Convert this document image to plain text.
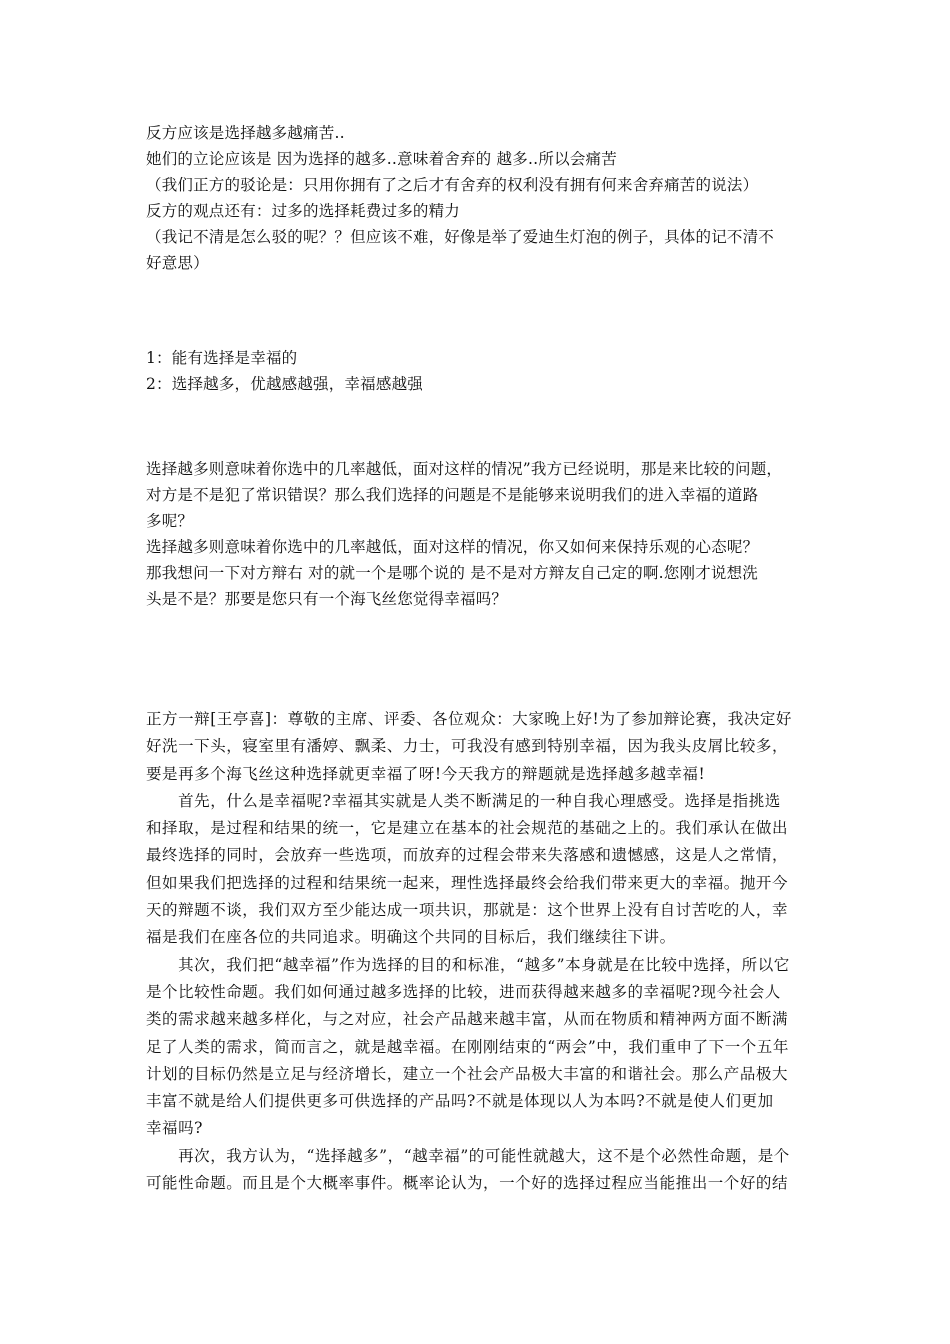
反方应该是选择越多越痛苦‥
她们的立论应该是 因为选择的越多‥意味着舍弃的 越多‥所以会痛苦
（我们正方的驳论是：只用你拥有了之后才有舍弃的权利没有拥有何来舍弃痛苦的说法）
反方的观点还有：过多的选择耗费过多的精力
（我记不清是怎么驳的呢？？但应该不难，好像是举了爱迪生灯泡的例子，具体的记不清不
好意思）
1：能有选择是幸福的
2：选择越多，优越感越强，幸福感越强
选择越多则意味着你选中的几率越低，面对这样的情况”我方已经说明，那是来比较的问题，
对方是不是犯了常识错误？那么我们选择的问题是不是能够来说明我们的进入幸福的道路
多呢？
选择越多则意味着你选中的几率越低，面对这样的情况，你又如何来保持乐观的心态呢？
那我想问一下对方辩右 对的就一个是哪个说的 是不是对方辩友自己定的啊.您刚才说想洗
头是不是？那要是您只有一个海飞丝您觉得幸福吗？
正方一辩[王亭喜]：尊敬的主席、评委、各位观众：大家晚上好!为了参加辩论赛，我决定好
好洗一下头，寝室里有潘婷、飘柔、力士，可我没有感到特别幸福，因为我头皮屑比较多，
要是再多个海飞丝这种选择就更幸福了呀!今天我方的辩题就是选择越多越幸福!
　　首先，什么是幸福呢?幸福其实就是人类不断满足的一种自我心理感受。选择是指挑选
和择取，是过程和结果的统一，它是建立在基本的社会规范的基础之上的。我们承认在做出
最终选择的同时，会放弃一些选项，而放弃的过程会带来失落感和遗憾感，这是人之常情，
但如果我们把选择的过程和结果统一起来，理性选择最终会给我们带来更大的幸福。抛开今
天的辩题不谈，我们双方至少能达成一项共识，那就是：这个世界上没有自讨苦吃的人，幸
福是我们在座各位的共同追求。明确这个共同的目标后，我们继续往下讲。
　　其次，我们把“越幸福”作为选择的目的和标准，“越多”本身就是在比较中选择，所以它
是个比较性命题。我们如何通过越多选择的比较，进而获得越来越多的幸福呢?现今社会人
类的需求越来越多样化，与之对应，社会产品越来越丰富，从而在物质和精神两方面不断满
足了人类的需求，简而言之，就是越幸福。在刚刚结束的“两会”中，我们重申了下一个五年
计划的目标仍然是立足与经济增长，建立一个社会产品极大丰富的和谐社会。那么产品极大
丰富不就是给人们提供更多可供选择的产品吗?不就是体现以人为本吗?不就是使人们更加
幸福吗?
　　再次，我方认为，“选择越多”，“越幸福”的可能性就越大，这不是个必然性命题，是个
可能性命题。而且是个大概率事件。概率论认为，一个好的选择过程应当能推出一个好的结
